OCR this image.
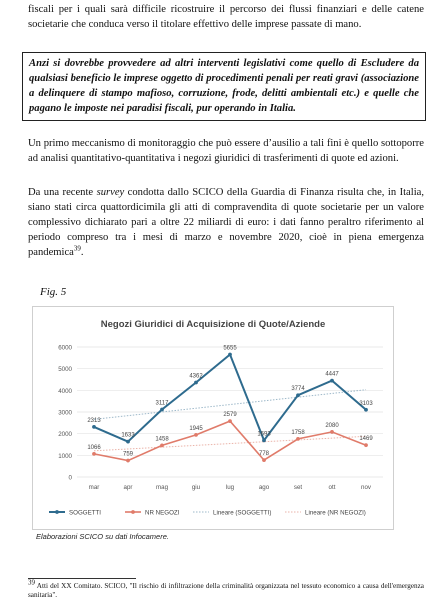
fiscali per i quali sarà difficile ricostruire il percorso dei flussi finanziari e delle catene societarie che conduca verso il titolare effettivo delle imprese passate di mano.

Anzi si dovrebbe provvedere ad altri interventi legislativi come quello di Escludere da qualsiasi beneficio le imprese oggetto di procedimenti penali per reati gravi (associazione a delinquere di stampo mafioso, corruzione, frode, delitti ambientali etc.) e quelle che pagano le imposte nei paradisi fiscali, pur operando in Italia.

Un primo meccanismo di monitoraggio che può essere d’ausilio a tali fini è quello sottoporre ad analisi quantitativo-quantitativa i negozi giuridici di trasferimenti di quote ed azioni.

Da una recente survey condotta dallo SCICO della Guardia di Finanza risulta che, in Italia, siano stati circa quattordicimila gli atti di compravendita di quote societarie per un valore complessivo dichiarato pari a oltre 22 miliardi di euro: i dati fanno peraltro riferimento al periodo compreso tra i mesi di marzo e novembre 2020, cioè in piena emergenza pandemica$^{39}$.

Fig. 5
Negozi Giuridici di Acquisizione di Quote/Aziende
0
1000
2000
3000
4000
5000
6000
mar	apr	mag	giu	lug	ago	set	ott	nov
2313
1633
3117
4362
5655
1693
3774
4447
3103
1066
759
1458
1945
2579
778
1758
2080
1469
SOGGETTI	NR NEGOZI	Lineare (SOGGETTI)	Lineare (NR NEGOZI)
Elaborazioni SCICO su dati Infocamere.
$^{39}$ Atti del XX Comitato. SCICO, "Il rischio di infiltrazione della criminalità organizzata nel tessuto economico a causa dell'emergenza sanitaria".
